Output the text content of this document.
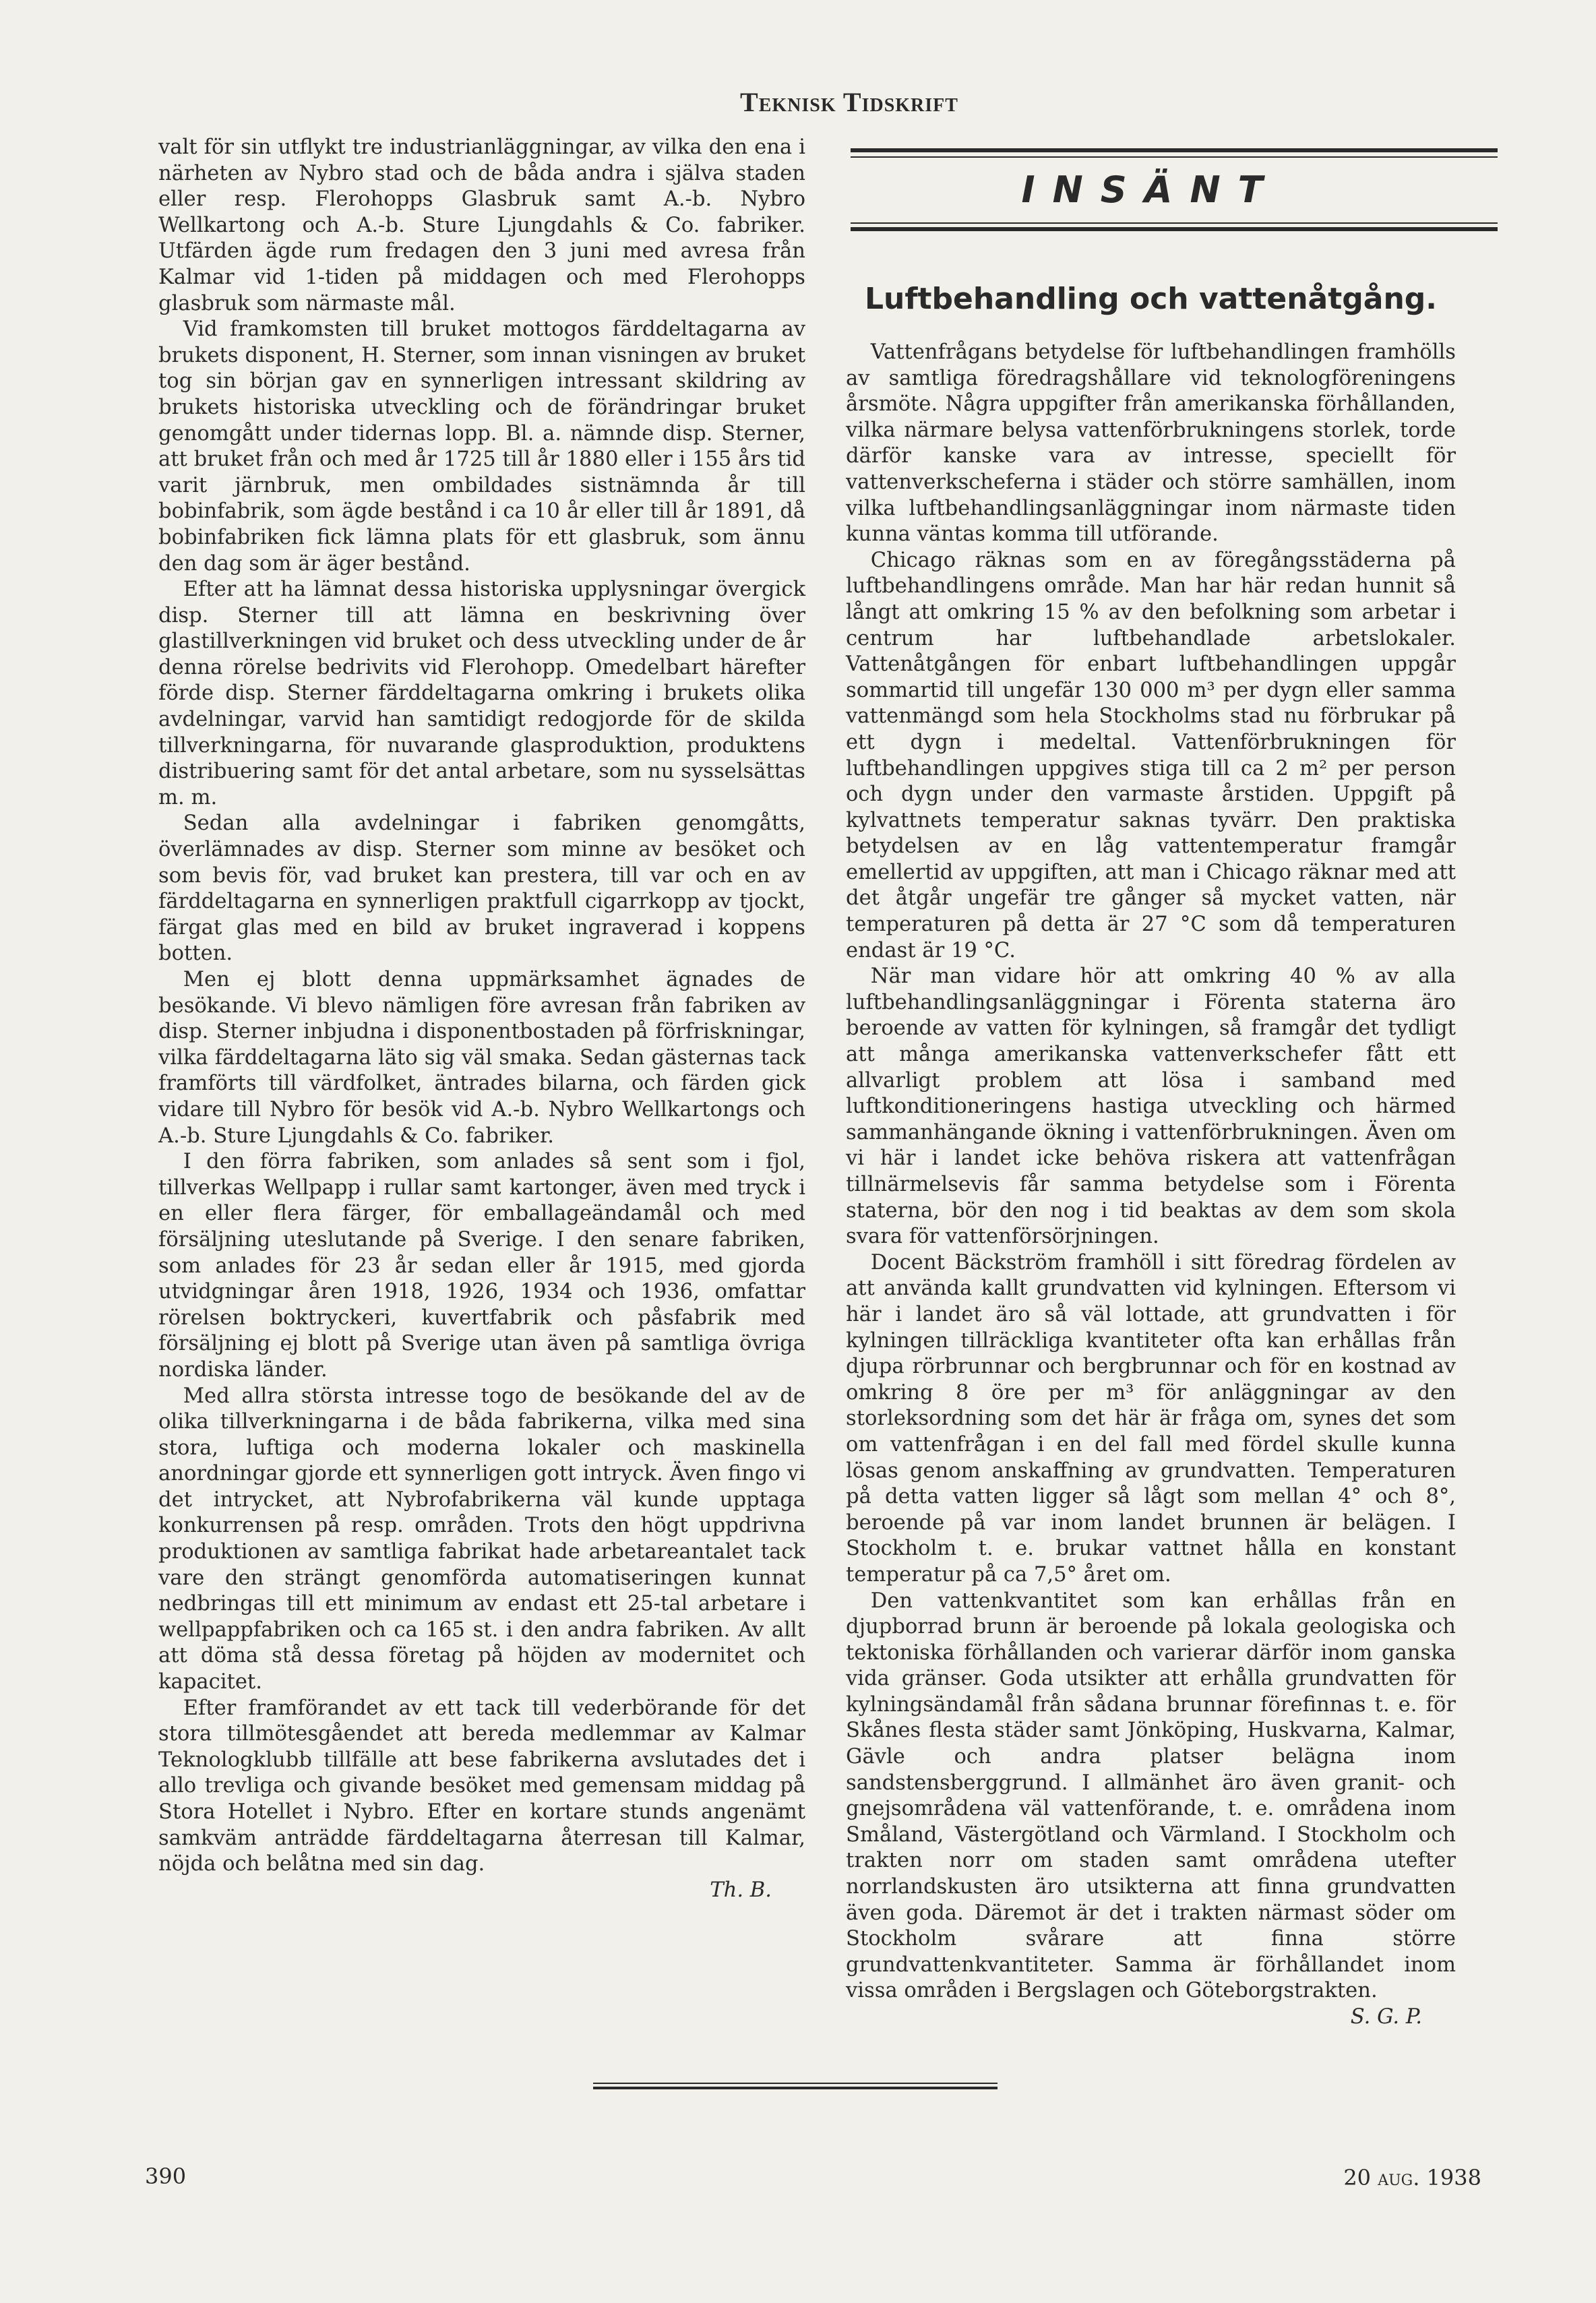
Teknisk Tidskrift

valt för sin utflykt tre industrianläggningar, av vilka den ena i närheten av Nybro stad och de båda andra i själva staden eller resp. Flerohopps Glasbruk samt A.-b. Nybro Wellkartong och A.-b. Sture Ljungdahls & Co. fabriker. Utfärden ägde rum fredagen den 3 juni med avresa från Kalmar vid 1-tiden på middagen och med Flerohopps glasbruk som närmaste mål.

Vid framkomsten till bruket mottogos färddeltagarna av brukets disponent, H. Sterner, som innan visningen av bruket tog sin början gav en synnerligen intressant skildring av brukets historiska utveckling och de förändringar bruket genomgått under tidernas lopp. Bl. a. nämnde disp. Sterner, att bruket från och med år 1725 till år 1880 eller i 155 års tid varit järnbruk, men ombildades sistnämnda år till bobinfabrik, som ägde bestånd i ca 10 år eller till år 1891, då bobinfabriken fick lämna plats för ett glasbruk, som ännu den dag som är äger bestånd.

Efter att ha lämnat dessa historiska upplysningar övergick disp. Sterner till att lämna en beskrivning över glastillverkningen vid bruket och dess utveckling under de år denna rörelse bedrivits vid Flerohopp. Omedelbart härefter förde disp. Sterner färddeltagarna omkring i brukets olika avdelningar, varvid han samtidigt redogjorde för de skilda tillverkningarna, för nuvarande glasproduktion, produktens distribuering samt för det antal arbetare, som nu sysselsättas m. m.

Sedan alla avdelningar i fabriken genomgåtts, överlämnades av disp. Sterner som minne av besöket och som bevis för, vad bruket kan prestera, till var och en av färddeltagarna en synnerligen praktfull cigarrkopp av tjockt, färgat glas med en bild av bruket ingraverad i koppens botten.

Men ej blott denna uppmärksamhet ägnades de besökande. Vi blevo nämligen före avresan från fabriken av disp. Sterner inbjudna i disponentbostaden på förfriskningar, vilka färddeltagarna läto sig väl smaka. Sedan gästernas tack framförts till värdfolket, äntrades bilarna, och färden gick vidare till Nybro för besök vid A.-b. Nybro Wellkartongs och A.-b. Sture Ljungdahls & Co. fabriker.

I den förra fabriken, som anlades så sent som i fjol, tillverkas Wellpapp i rullar samt kartonger, även med tryck i en eller flera färger, för emballageändamål och med försäljning uteslutande på Sverige. I den senare fabriken, som anlades för 23 år sedan eller år 1915, med gjorda utvidgningar åren 1918, 1926, 1934 och 1936, omfattar rörelsen boktryckeri, kuvertfabrik och påsfabrik med försäljning ej blott på Sverige utan även på samtliga övriga nordiska länder.

Med allra största intresse togo de besökande del av de olika tillverkningarna i de båda fabrikerna, vilka med sina stora, luftiga och moderna lokaler och maskinella anordningar gjorde ett synnerligen gott intryck. Även fingo vi det intrycket, att Nybrofabrikerna väl kunde upptaga konkurrensen på resp. områden. Trots den högt uppdrivna produktionen av samtliga fabrikat hade arbetareantalet tack vare den strängt genomförda automatiseringen kunnat nedbringas till ett minimum av endast ett 25-tal arbetare i wellpappfabriken och ca 165 st. i den andra fabriken. Av allt att döma stå dessa företag på höjden av modernitet och kapacitet.

Efter framförandet av ett tack till vederbörande för det stora tillmötesgåendet att bereda medlemmar av Kalmar Teknologklubb tillfälle att bese fabrikerna avslutades det i allo trevliga och givande besöket med gemensam middag på Stora Hotellet i Nybro. Efter en kortare stunds angenämt samkväm anträdde färddeltagarna återresan till Kalmar, nöjda och belåtna med sin dag.

Th. B.

INSÄNT
Luftbehandling och vattenåtgång.

Vattenfrågans betydelse för luftbehandlingen framhölls av samtliga föredragshållare vid teknologföreningens årsmöte. Några uppgifter från amerikanska förhållanden, vilka närmare belysa vattenförbrukningens storlek, torde därför kanske vara av intresse, speciellt för vattenverkscheferna i städer och större samhällen, inom vilka luftbehandlingsanläggningar inom närmaste tiden kunna väntas komma till utförande.

Chicago räknas som en av föregångsstäderna på luftbehandlingens område. Man har här redan hunnit så långt att omkring 15 % av den befolkning som arbetar i centrum har luftbehandlade arbetslokaler. Vattenåtgången för enbart luftbehandlingen uppgår sommartid till ungefär 130 000 m³ per dygn eller samma vattenmängd som hela Stockholms stad nu förbrukar på ett dygn i medeltal. Vattenförbrukningen för luftbehandlingen uppgives stiga till ca 2 m² per person och dygn under den varmaste årstiden. Uppgift på kylvattnets temperatur saknas tyvärr. Den praktiska betydelsen av en låg vattentemperatur framgår emellertid av uppgiften, att man i Chicago räknar med att det åtgår ungefär tre gånger så mycket vatten, när temperaturen på detta är 27 °C som då temperaturen endast är 19 °C.

När man vidare hör att omkring 40 % av alla luftbehandlingsanläggningar i Förenta staterna äro beroende av vatten för kylningen, så framgår det tydligt att många amerikanska vattenverkschefer fått ett allvarligt problem att lösa i samband med luftkonditioneringens hastiga utveckling och härmed sammanhängande ökning i vattenförbrukningen. Även om vi här i landet icke behöva riskera att vattenfrågan tillnärmelsevis får samma betydelse som i Förenta staterna, bör den nog i tid beaktas av dem som skola svara för vattenförsörjningen.

Docent Bäckström framhöll i sitt föredrag fördelen av att använda kallt grundvatten vid kylningen. Eftersom vi här i landet äro så väl lottade, att grundvatten i för kylningen tillräckliga kvantiteter ofta kan erhållas från djupa rörbrunnar och bergbrunnar och för en kostnad av omkring 8 öre per m³ för anläggningar av den storleksordning som det här är fråga om, synes det som om vattenfrågan i en del fall med fördel skulle kunna lösas genom anskaffning av grundvatten. Temperaturen på detta vatten ligger så lågt som mellan 4° och 8°, beroende på var inom landet brunnen är belägen. I Stockholm t. e. brukar vattnet hålla en konstant temperatur på ca 7,5° året om.

Den vattenkvantitet som kan erhållas från en djupborrad brunn är beroende på lokala geologiska och tektoniska förhållanden och varierar därför inom ganska vida gränser. Goda utsikter att erhålla grundvatten för kylningsändamål från sådana brunnar förefinnas t. e. för Skånes flesta städer samt Jönköping, Huskvarna, Kalmar, Gävle och andra platser belägna inom sandstensberggrund. I allmänhet äro även granit- och gnejsområdena väl vattenförande, t. e. områdena inom Småland, Västergötland och Värmland. I Stockholm och trakten norr om staden samt områdena utefter norrlandskusten äro utsikterna att finna grundvatten även goda. Däremot är det i trakten närmast söder om Stockholm svårare att finna större grundvattenkvantiteter. Samma är förhållandet inom vissa områden i Bergslagen och Göteborgstrakten.

S. G. P.

390	20 aug. 1938
